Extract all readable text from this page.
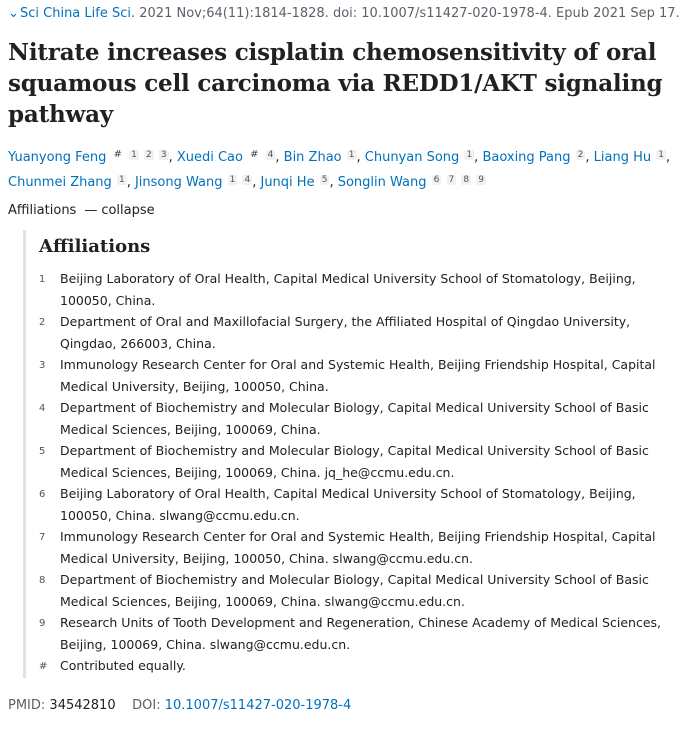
⌄Sci China Life Sci. 2021 Nov;64(11):1814-1828. doi: 10.1007/s11427-020-1978-4. Epub 2021 Sep 17.
Nitrate increases cisplatin chemosensitivity of oral squamous cell carcinoma via REDD1/AKT signaling pathway
Yuanyong Feng # $^1$ $^2$ $^3$ , Xuedi Cao # $^4$ , Bin Zhao $^1$ , Chunyan Song $^1$ , Baoxing Pang $^2$ , Liang Hu $^1$ , Chunmei Zhang $^1$ , Jinsong Wang $^1$ $^4$ , Junqi He $^5$ , Songlin Wang $^6$ $^7$ $^8$ $^9$
Affiliations — collapse
Affiliations
1	Beijing Laboratory of Oral Health, Capital Medical University School of Stomatology, Beijing, 100050, China.
2	Department of Oral and Maxillofacial Surgery, the Affiliated Hospital of Qingdao University, Qingdao, 266003, China.
3	Immunology Research Center for Oral and Systemic Health, Beijing Friendship Hospital, Capital Medical University, Beijing, 100050, China.
4	Department of Biochemistry and Molecular Biology, Capital Medical University School of Basic Medical Sciences, Beijing, 100069, China.
5	Department of Biochemistry and Molecular Biology, Capital Medical University School of Basic Medical Sciences, Beijing, 100069, China. jq_he@ccmu.edu.cn.
6	Beijing Laboratory of Oral Health, Capital Medical University School of Stomatology, Beijing, 100050, China. slwang@ccmu.edu.cn.
7	Immunology Research Center for Oral and Systemic Health, Beijing Friendship Hospital, Capital Medical University, Beijing, 100050, China. slwang@ccmu.edu.cn.
8	Department of Biochemistry and Molecular Biology, Capital Medical University School of Basic Medical Sciences, Beijing, 100069, China. slwang@ccmu.edu.cn.
9	Research Units of Tooth Development and Regeneration, Chinese Academy of Medical Sciences, Beijing, 100069, China. slwang@ccmu.edu.cn.
#	Contributed equally.
PMID: 34542810 DOI: 10.1007/s11427-020-1978-4
